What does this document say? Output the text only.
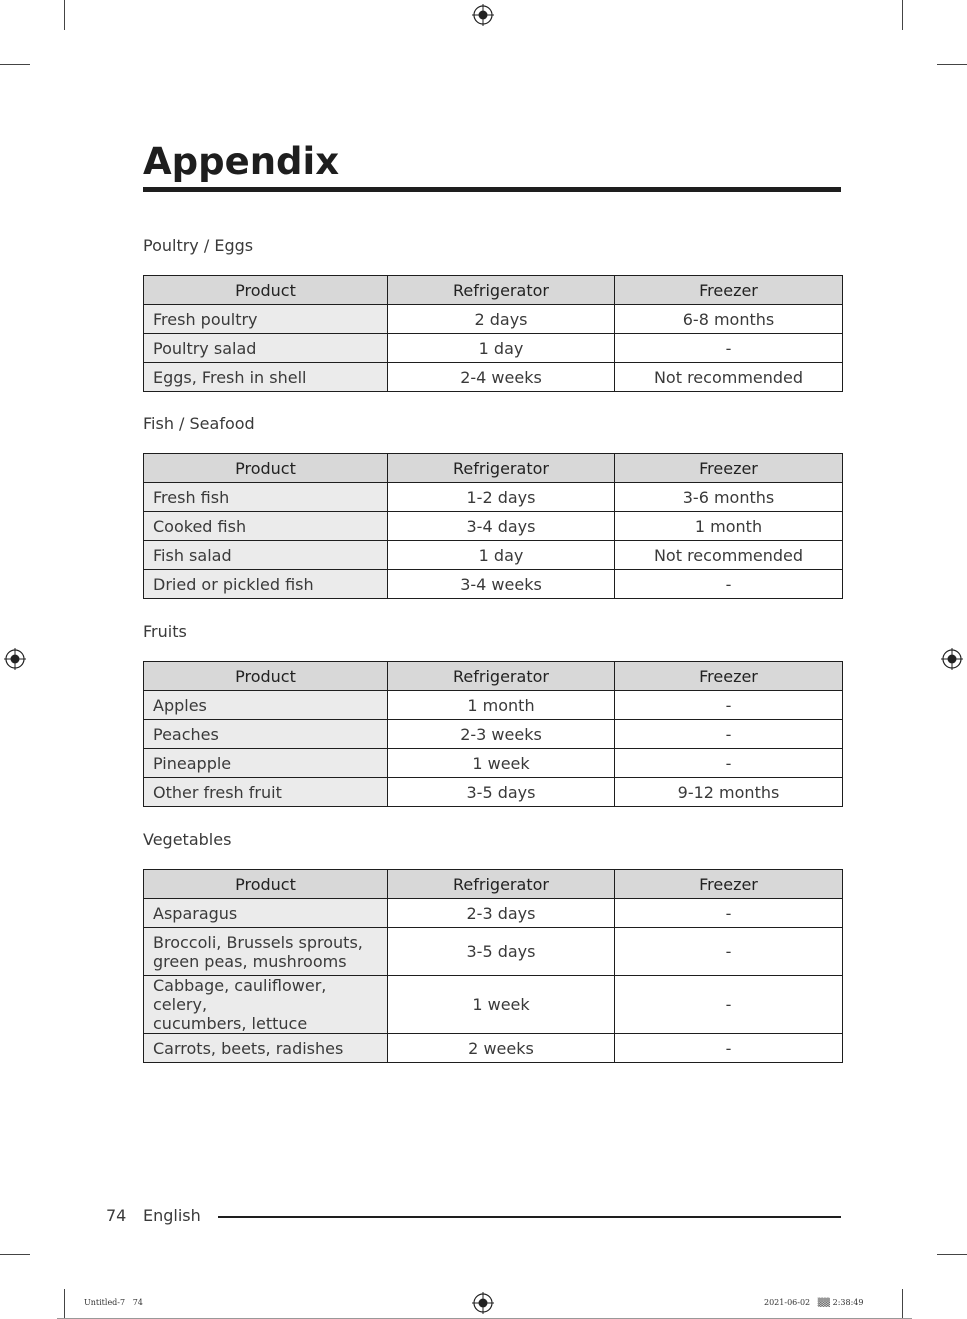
Appendix
Poultry / Eggs
Product	Refrigerator	Freezer
Fresh poultry	2 days	6-8 months
Poultry salad	1 day	-
Eggs, Fresh in shell	2-4 weeks	Not recommended
Fish / Seafood
Product	Refrigerator	Freezer
Fresh fish	1-2 days	3-6 months
Cooked fish	3-4 days	1 month
Fish salad	1 day	Not recommended
Dried or pickled fish	3-4 weeks	-
Fruits
Product	Refrigerator	Freezer
Apples	1 month	-
Peaches	2-3 weeks	-
Pineapple	1 week	-
Other fresh fruit	3-5 days	9-12 months
Vegetables
Product	Refrigerator	Freezer
Asparagus	2-3 days	-
Broccoli, Brussels sprouts,
green peas, mushrooms	3-5 days	-
Cabbage, cauliflower, celery,
cucumbers, lettuce	1 week	-
Carrots, beets, radishes	2 weeks	-
74 English
Untitled-7   74	2021-06-02   ▒▒ 2:38:49
